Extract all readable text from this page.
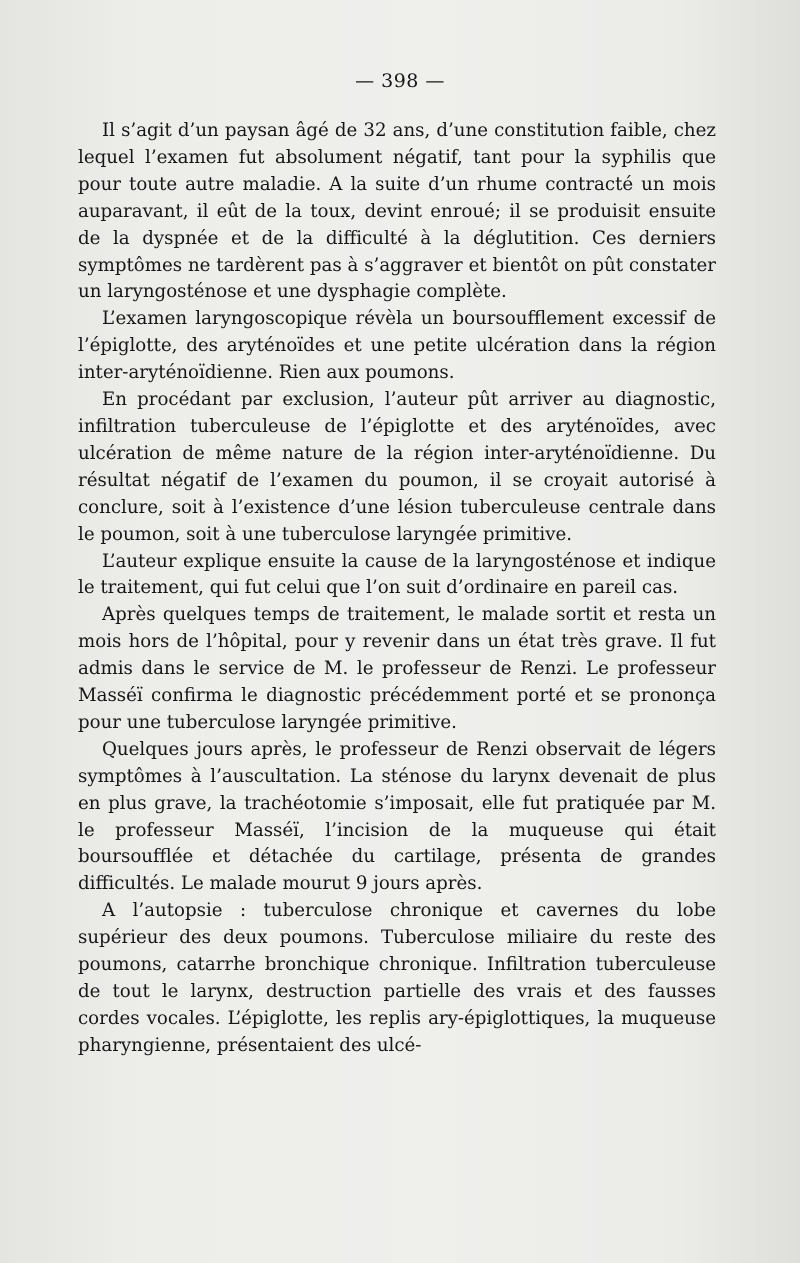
— 398 —

Il s’agit d’un paysan âgé de 32 ans, d’une constitution faible, chez lequel l’examen fut absolument négatif, tant pour la syphilis que pour toute autre maladie. A la suite d’un rhume contracté un mois auparavant, il eût de la toux, devint enroué; il se produisit ensuite de la dyspnée et de la difficulté à la déglutition. Ces derniers symptômes ne tardèrent pas à s’aggraver et bientôt on pût constater un laryngosténose et une dysphagie complète.

L’examen laryngoscopique révèla un boursoufflement excessif de l’épiglotte, des aryténoïdes et une petite ulcération dans la région inter-aryténoïdienne. Rien aux poumons.

En procédant par exclusion, l’auteur pût arriver au diagnostic, infiltration tuberculeuse de l’épiglotte et des aryténoïdes, avec ulcération de même nature de la région inter-aryténoïdienne. Du résultat négatif de l’examen du poumon, il se croyait autorisé à conclure, soit à l’existence d’une lésion tuberculeuse centrale dans le poumon, soit à une tuberculose laryngée primitive.

L’auteur explique ensuite la cause de la laryngosténose et indique le traitement, qui fut celui que l’on suit d’ordinaire en pareil cas.

Après quelques temps de traitement, le malade sortit et resta un mois hors de l’hôpital, pour y revenir dans un état très grave. Il fut admis dans le service de M. le professeur de Renzi. Le professeur Masséï confirma le diagnostic précédemment porté et se prononça pour une tuberculose laryngée primitive.

Quelques jours après, le professeur de Renzi observait de légers symptômes à l’auscultation. La sténose du larynx devenait de plus en plus grave, la trachéotomie s’imposait, elle fut pratiquée par M. le professeur Masséï, l’incision de la muqueuse qui était boursoufflée et détachée du cartilage, présenta de grandes difficultés. Le malade mourut 9 jours après.

A l’autopsie : tuberculose chronique et cavernes du lobe supérieur des deux poumons. Tuberculose miliaire du reste des poumons, catarrhe bronchique chronique. Infiltration tuberculeuse de tout le larynx, destruction partielle des vrais et des fausses cordes vocales. L’épiglotte, les replis ary-épiglottiques, la muqueuse pharyngienne, présentaient des ulcé-
